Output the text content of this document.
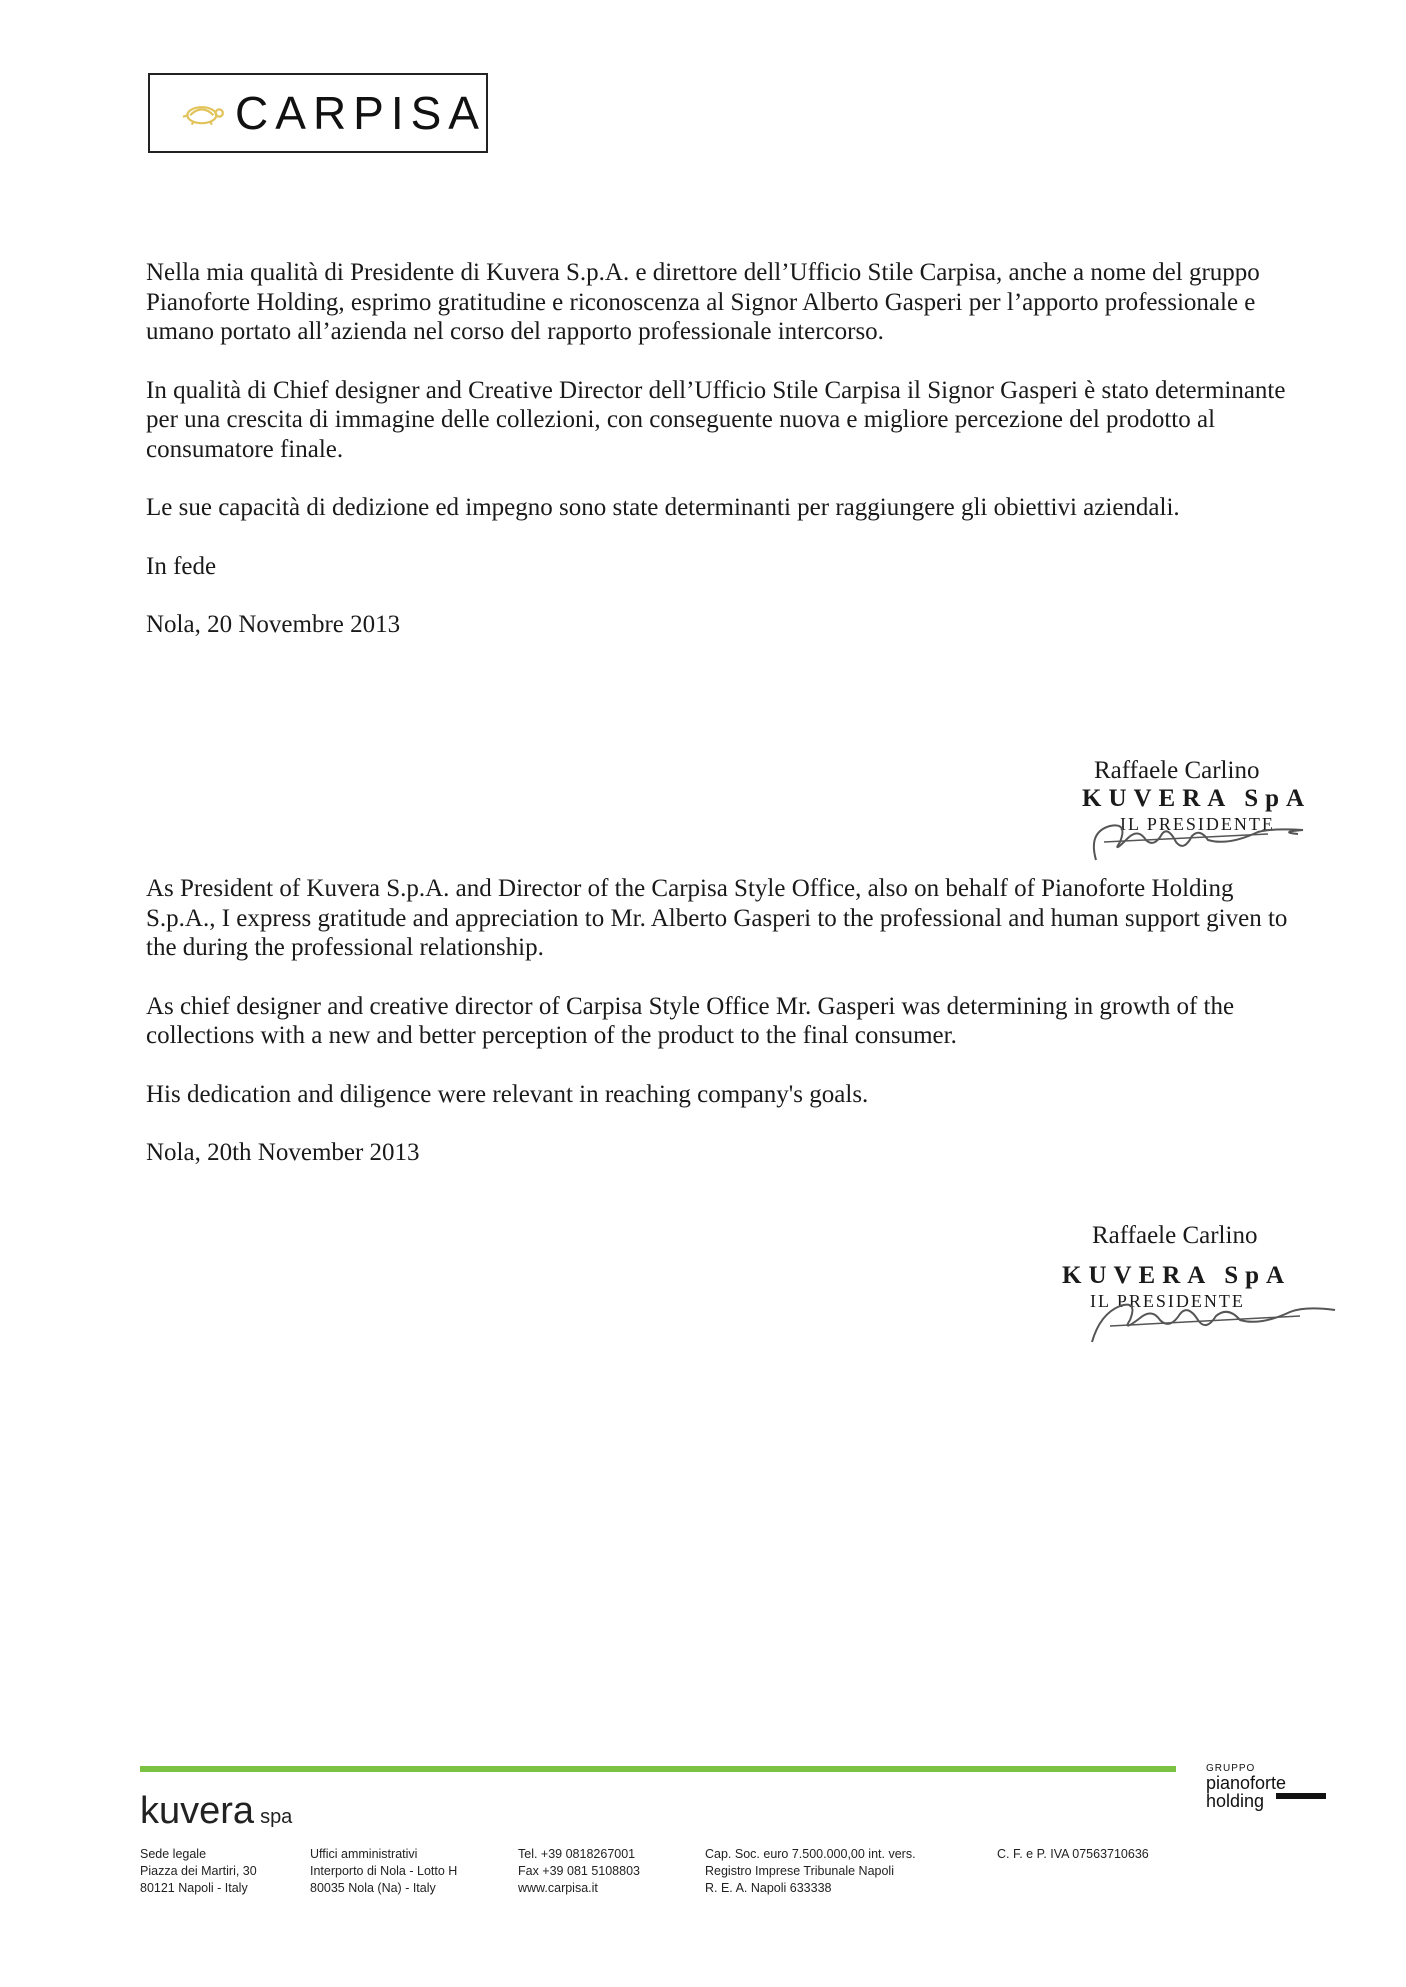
CARPISA

Nella mia qualità di Presidente di Kuvera S.p.A. e direttore dell’Ufficio Stile Carpisa, anche a nome del gruppo Pianoforte Holding, esprimo gratitudine e riconoscenza al Signor Alberto Gasperi per l’apporto professionale e umano portato all’azienda nel corso del rapporto professionale intercorso.

In qualità di Chief designer and Creative Director dell’Ufficio Stile Carpisa il Signor Gasperi è stato determinante per una crescita di immagine delle collezioni, con conseguente nuova e migliore percezione del prodotto al consumatore finale.

Le sue capacità di dedizione ed impegno sono state determinanti per raggiungere gli obiettivi aziendali.

In fede

Nola, 20 Novembre 2013

Raffaele Carlino
KUVERA SpA
IL PRESIDENTE

As President of Kuvera S.p.A. and Director of the Carpisa Style Office, also on behalf of Pianoforte Holding S.p.A., I express gratitude and appreciation to Mr. Alberto Gasperi to the professional and human support given to the during the professional relationship.

As chief designer and creative director of Carpisa Style Office Mr. Gasperi was determining in growth of the collections with a new and better perception of the product to the final consumer.

His dedication and diligence were relevant in reaching company's goals.

Nola, 20th November 2013

Raffaele Carlino
KUVERA SpA
IL PRESIDENTE
kuvera spa
GRUPPO
pianoforte
holding
Sede legale
Piazza dei Martiri, 30
80121 Napoli - Italy
Uffici amministrativi
Interporto di Nola - Lotto H
80035 Nola (Na) - Italy
Tel. +39 0818267001
Fax +39 081 5108803
www.carpisa.it
Cap. Soc. euro 7.500.000,00 int. vers.
Registro Imprese Tribunale Napoli
R. E. A. Napoli 633338
C. F. e P. IVA 07563710636
